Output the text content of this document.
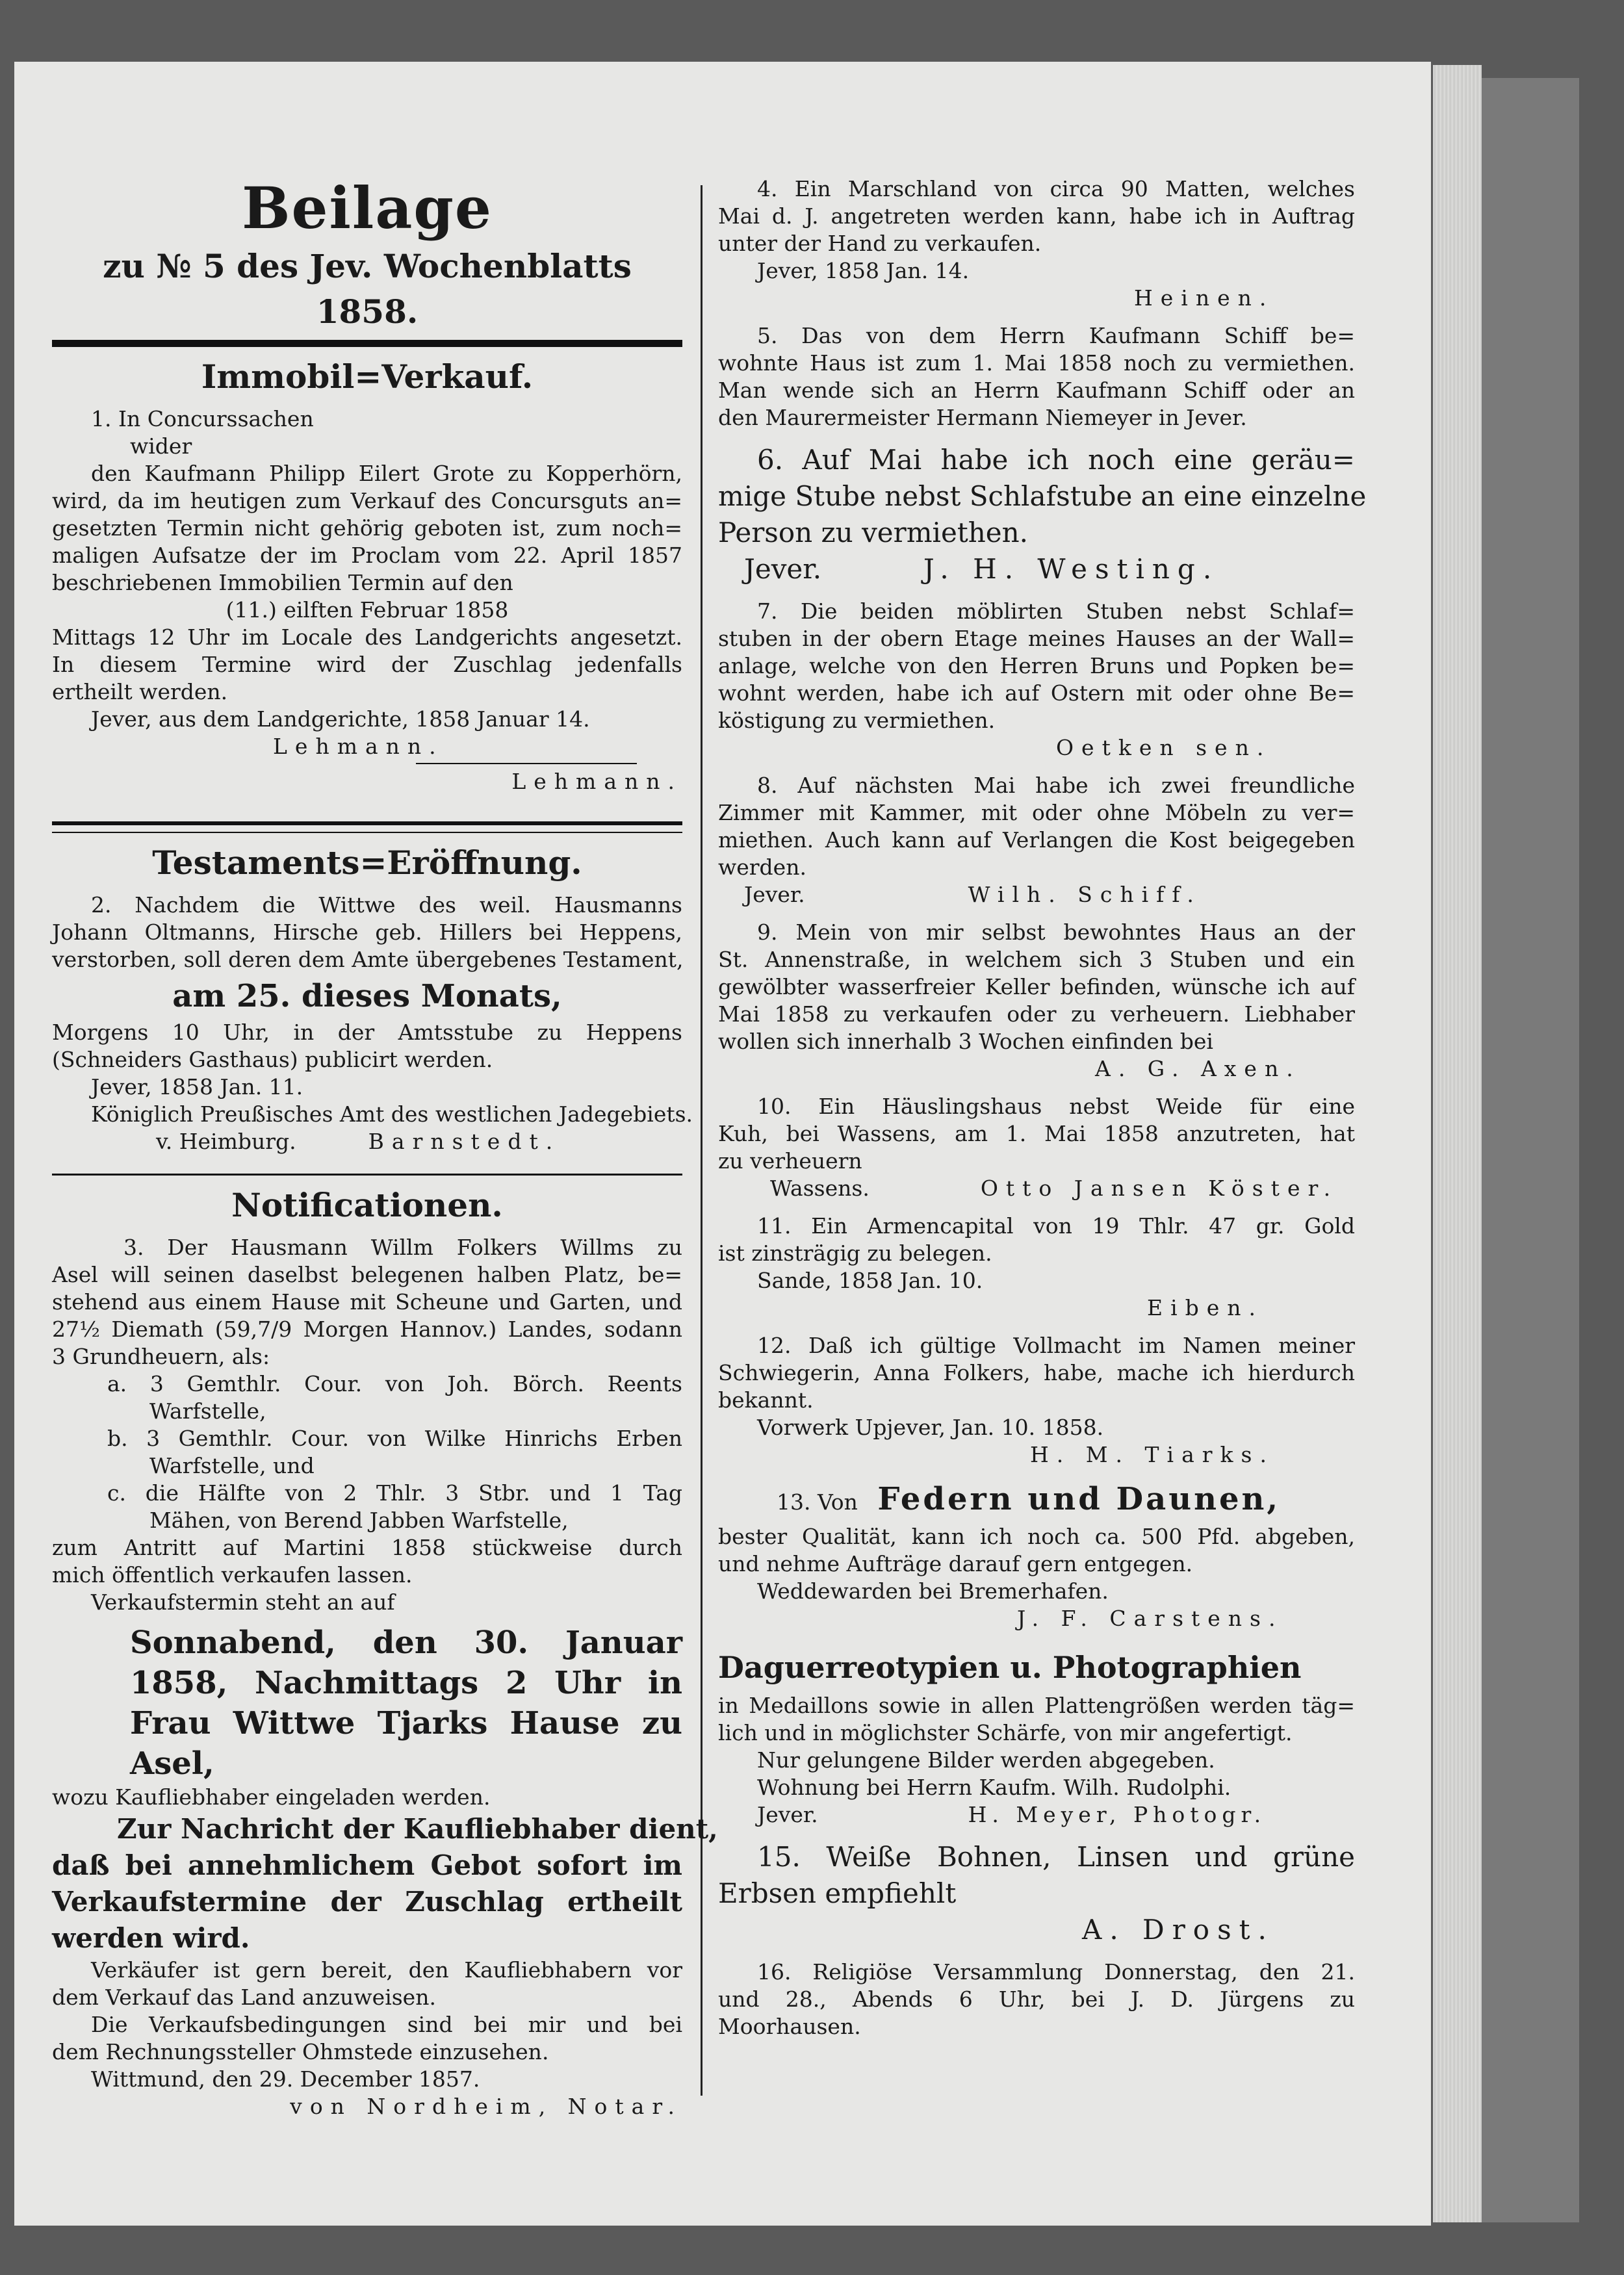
Beilage

zu № 5 des Jev. Wochenblatts 1858.

Immobil=Verkauf.

1. In Concurssachen

wider

den Kaufmann Philipp Eilert Grote zu Kopperhörn,

wird, da im heutigen zum Verkauf des Concursguts an=

gesetzten Termin nicht gehörig geboten ist, zum noch=

maligen Aufsatze der im Proclam vom 22. April 1857

beschriebenen Immobilien Termin auf den

(11.) eilften Februar 1858

Mittags 12 Uhr im Locale des Landgerichts angesetzt.

In diesem Termine wird der Zuschlag jedenfalls

ertheilt werden.

Jever, aus dem Landgerichte, 1858 Januar 14.

Lehmann.

Lehmann.

Testaments=Eröffnung.

2. Nachdem die Wittwe des weil. Hausmanns

Johann Oltmanns, Hirsche geb. Hillers bei Heppens,

verstorben, soll deren dem Amte übergebenes Testament,

am 25. dieses Monats,

Morgens 10 Uhr, in der Amtsstube zu Heppens

(Schneiders Gasthaus) publicirt werden.

Jever, 1858 Jan. 11.

Königlich Preußisches Amt des westlichen Jadegebiets.

v. Heimburg.	Barnstedt.

Notificationen.

3. Der Hausmann Willm Folkers Willms zu

Asel will seinen daselbst belegenen halben Platz, be=

stehend aus einem Hause mit Scheune und Garten, und

27½ Diemath (59,7/9 Morgen Hannov.) Landes, sodann

3 Grundheuern, als:

a. 3 Gemthlr. Cour. von Joh. Börch. Reents

Warfstelle,

b. 3 Gemthlr. Cour. von Wilke Hinrichs Erben

Warfstelle, und

c. die Hälfte von 2 Thlr. 3 Stbr. und 1 Tag

Mähen, von Berend Jabben Warfstelle,

zum Antritt auf Martini 1858 stückweise durch

mich öffentlich verkaufen lassen.

Verkaufstermin steht an auf

Sonnabend, den 30. Januar

1858, Nachmittags 2 Uhr in

Frau Wittwe Tjarks Hause zu

Asel,

wozu Kaufliebhaber eingeladen werden.

Zur Nachricht der Kaufliebhaber dient,

daß bei annehmlichem Gebot sofort im

Verkaufstermine der Zuschlag ertheilt

werden wird.

Verkäufer ist gern bereit, den Kaufliebhabern vor

dem Verkauf das Land anzuweisen.

Die Verkaufsbedingungen sind bei mir und bei

dem Rechnungssteller Ohmstede einzusehen.

Wittmund, den 29. December 1857.

von Nordheim, Notar.

4. Ein Marschland von circa 90 Matten, welches

Mai d. J. angetreten werden kann, habe ich in Auftrag

unter der Hand zu verkaufen.

Jever, 1858 Jan. 14.

Heinen.

5. Das von dem Herrn Kaufmann Schiff be=

wohnte Haus ist zum 1. Mai 1858 noch zu vermiethen.

Man wende sich an Herrn Kaufmann Schiff oder an

den Maurermeister Hermann Niemeyer in Jever.

6. Auf Mai habe ich noch eine geräu=

mige Stube nebst Schlafstube an eine einzelne

Person zu vermiethen.

Jever.	J. H. Westing.

7. Die beiden möblirten Stuben nebst Schlaf=

stuben in der obern Etage meines Hauses an der Wall=

anlage, welche von den Herren Bruns und Popken be=

wohnt werden, habe ich auf Ostern mit oder ohne Be=

köstigung zu vermiethen.

Oetken sen.

8. Auf nächsten Mai habe ich zwei freundliche

Zimmer mit Kammer, mit oder ohne Möbeln zu ver=

miethen. Auch kann auf Verlangen die Kost beigegeben

werden.

Jever.	Wilh. Schiff.

9. Mein von mir selbst bewohntes Haus an der

St. Annenstraße, in welchem sich 3 Stuben und ein

gewölbter wasserfreier Keller befinden, wünsche ich auf

Mai 1858 zu verkaufen oder zu verheuern. Liebhaber

wollen sich innerhalb 3 Wochen einfinden bei

A. G. Axen.

10. Ein Häuslingshaus nebst Weide für eine

Kuh, bei Wassens, am 1. Mai 1858 anzutreten, hat

zu verheuern

Wassens.	Otto Jansen Köster.

11. Ein Armencapital von 19 Thlr. 47 gr. Gold

ist zinsträgig zu belegen.

Sande, 1858 Jan. 10.

Eiben.

12. Daß ich gültige Vollmacht im Namen meiner

Schwiegerin, Anna Folkers, habe, mache ich hierdurch

bekannt.

Vorwerk Upjever, Jan. 10. 1858.

H. M. Tiarks.

13. Von Federn und Daunen,

bester Qualität, kann ich noch ca. 500 Pfd. abgeben,

und nehme Aufträge darauf gern entgegen.

Weddewarden bei Bremerhafen.

J. F. Carstens.

Daguerreotypien u. Photographien

in Medaillons sowie in allen Plattengrößen werden täg=

lich und in möglichster Schärfe, von mir angefertigt.

Nur gelungene Bilder werden abgegeben.

Wohnung bei Herrn Kaufm. Wilh. Rudolphi.

Jever.	H. Meyer, Photogr.

15. Weiße Bohnen, Linsen und grüne

Erbsen empfiehlt

A. Drost.

16. Religiöse Versammlung Donnerstag, den 21.

und 28., Abends 6 Uhr, bei J. D. Jürgens zu

Moorhausen.
